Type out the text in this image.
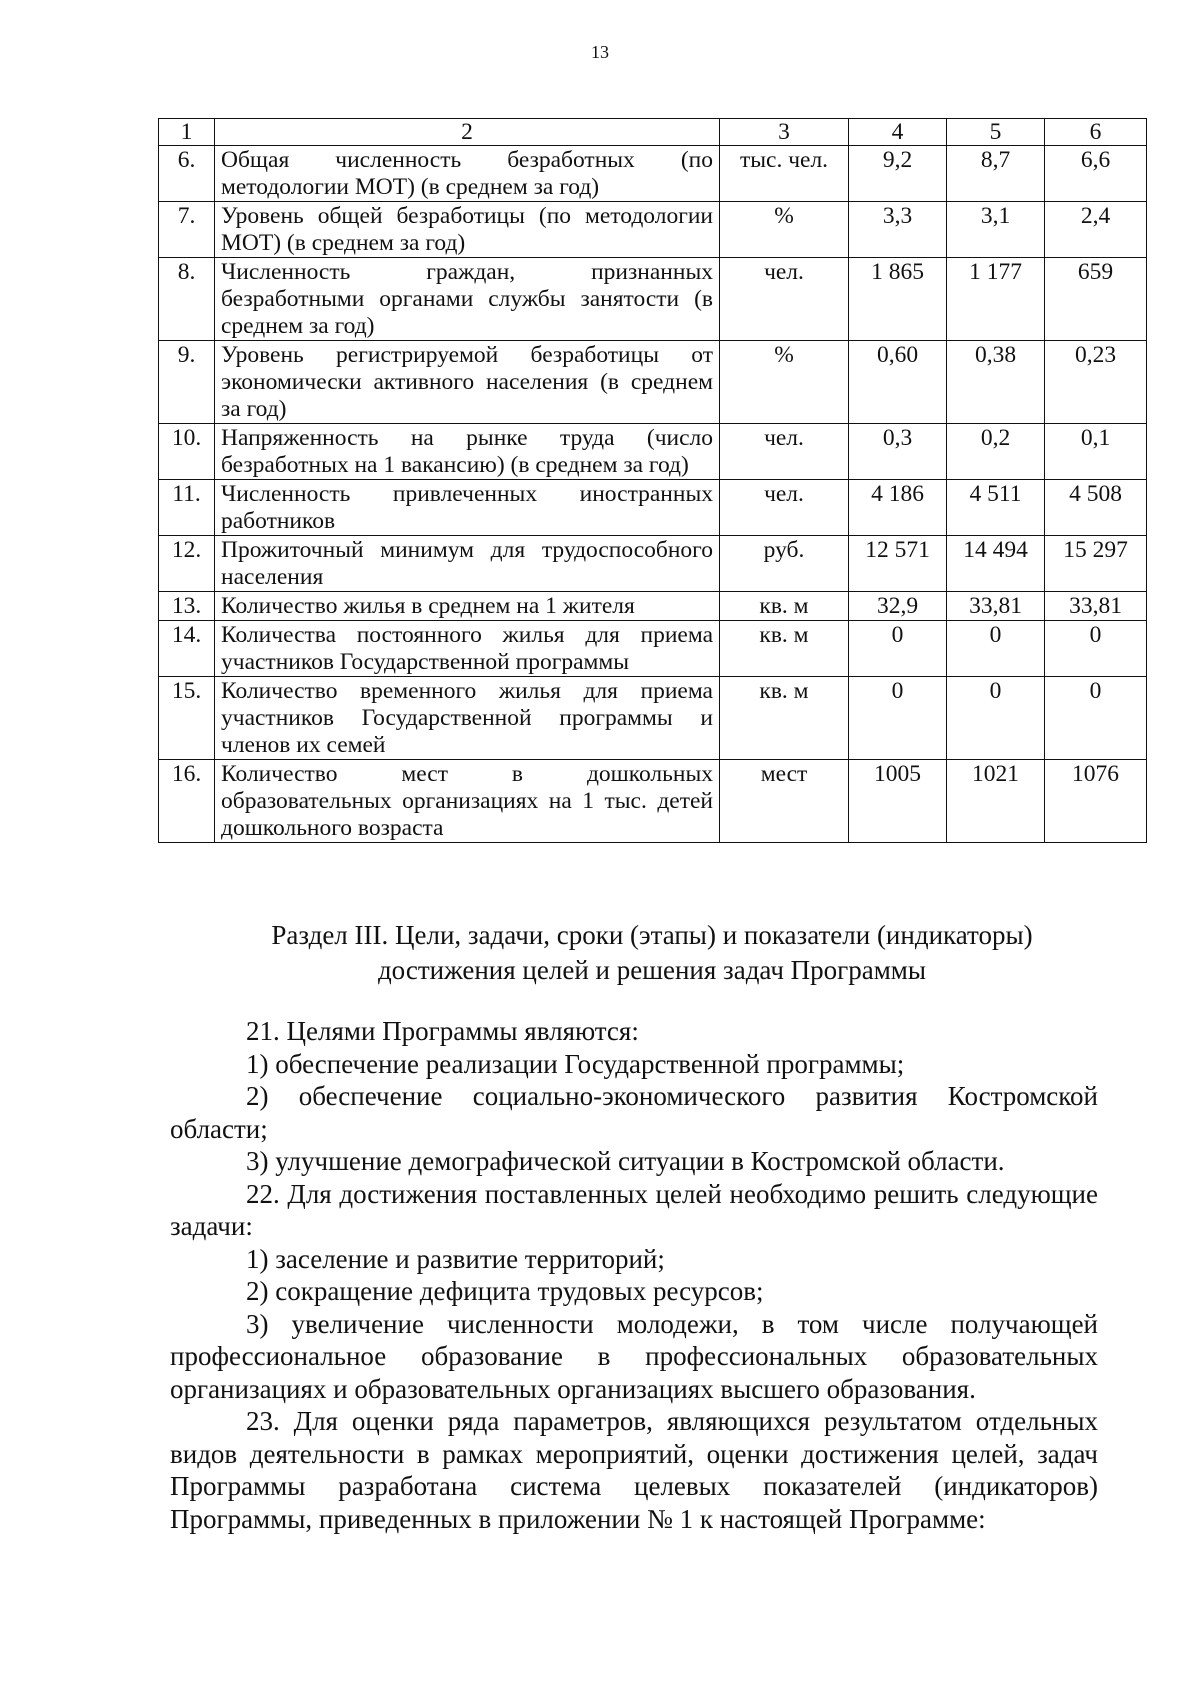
13
1	2	3	4	5	6
6.	Общая численность безработных (по методологии МОТ) (в среднем за год)	тыс. чел.	9,2	8,7	6,6
7.	Уровень общей безработицы (по методологии МОТ) (в среднем за год)	%	3,3	3,1	2,4
8.	Численность граждан, признанных безработными органами службы занятости (в среднем за год)	чел.	1 865	1 177	659
9.	Уровень регистрируемой безработицы от экономически активного населения (в среднем за год)	%	0,60	0,38	0,23
10.	Напряженность на рынке труда (число безработных на 1 вакансию) (в среднем за год)	чел.	0,3	0,2	0,1
11.	Численность привлеченных иностранных работников	чел.	4 186	4 511	4 508
12.	Прожиточный минимум для трудоспособного населения	руб.	12 571	14 494	15 297
13.	Количество жилья в среднем на 1 жителя	кв. м	32,9	33,81	33,81
14.	Количества постоянного жилья для приема участников Государственной программы	кв. м	0	0	0
15.	Количество временного жилья для приема участников Государственной программы и членов их семей	кв. м	0	0	0
16.	Количество мест в дошкольных образовательных организациях на 1 тыс. детей дошкольного возраста	мест	1005	1021	1076
Раздел III. Цели, задачи, сроки (этапы) и показатели (индикаторы)
достижения целей и решения задач Программы

21. Целями Программы являются:

1) обеспечение реализации Государственной программы;

2) обеспечение социально-экономического развития Костромской области;

3) улучшение демографической ситуации в Костромской области.

22. Для достижения поставленных целей необходимо решить следующие задачи:

1) заселение и развитие территорий;

2) сокращение дефицита трудовых ресурсов;

3) увеличение численности молодежи, в том числе получающей профессиональное образование в профессиональных образовательных организациях и образовательных организациях высшего образования.

23. Для оценки ряда параметров, являющихся результатом отдельных видов деятельности в рамках мероприятий, оценки достижения целей, задач Программы разработана система целевых показателей (индикаторов) Программы, приведенных в приложении № 1 к настоящей Программе:
